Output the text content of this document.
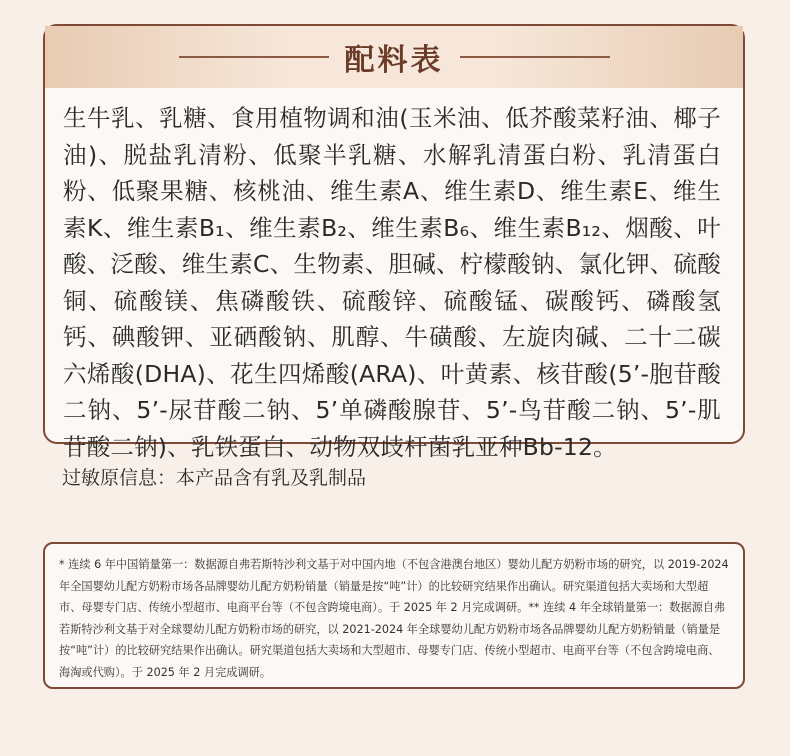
配料表
生牛乳、乳糖、食用植物调和油(玉米油、低芥酸菜籽油、椰子油)、脱盐乳清粉、低聚半乳糖、水解乳清蛋白粉、乳清蛋白粉、低聚果糖、核桃油、维生素A、维生素D、维生素E、维生素K、维生素B₁、维生素B₂、维生素B₆、维生素B₁₂、烟酸、叶酸、泛酸、维生素C、生物素、胆碱、柠檬酸钠、氯化钾、硫酸铜、硫酸镁、焦磷酸铁、硫酸锌、硫酸锰、碳酸钙、磷酸氢钙、碘酸钾、亚硒酸钠、肌醇、牛磺酸、左旋肉碱、二十二碳六烯酸(DHA)、花生四烯酸(ARA)、叶黄素、核苷酸(5’-胞苷酸二钠、5’-尿苷酸二钠、5’单磷酸腺苷、5’-鸟苷酸二钠、5’-肌苷酸二钠)、乳铁蛋白、动物双歧杆菌乳亚种Bb-12。
过敏原信息：本产品含有乳及乳制品
* 连续 6 年中国销量第一：数据源自弗若斯特沙利文基于对中国内地（不包含港澳台地区）婴幼儿配方奶粉市场的研究，以 2019-2024 年全国婴幼儿配方奶粉市场各品牌婴幼儿配方奶粉销量（销量是按“吨”计）的比较研究结果作出确认。研究渠道包括大卖场和大型超市、母婴专门店、传统小型超市、电商平台等（不包含跨境电商）。于 2025 年 2 月完成调研。** 连续 4 年全球销量第一：数据源自弗若斯特沙利文基于对全球婴幼儿配方奶粉市场的研究，以 2021-2024 年全球婴幼儿配方奶粉市场各品牌婴幼儿配方奶粉销量（销量是按“吨”计）的比较研究结果作出确认。研究渠道包括大卖场和大型超市、母婴专门店、传统小型超市、电商平台等（不包含跨境电商、海淘或代购）。于 2025 年 2 月完成调研。
